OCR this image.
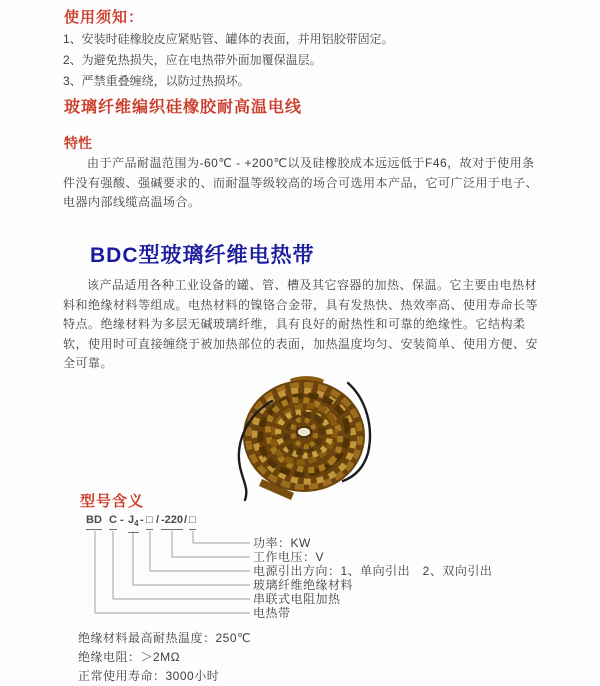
使用须知：
1、安装时硅橡胶皮应紧贴管、罐体的表面，并用铝胶带固定。
2、为避免热损失，应在电热带外面加覆保温层。
3、严禁重叠缠绕，以防过热损坏。
玻璃纤维编织硅橡胶耐高温电线
特性
由于产品耐温范围为-60℃ - +200℃以及硅橡胶成本远远低于F46，故对于使用条件没有强酸、强碱要求的、而耐温等级较高的场合可选用本产品，它可广泛用于电子、电器内部线缆高温场合。
BDC型玻璃纤维电热带
该产品适用各种工业设备的罐、管、槽及其它容器的加热、保温。它主要由电热材料和绝缘材料等组成。电热材料的镍铬合金带，具有发热快、热效率高、使用寿命长等特点。绝缘材料为多层无碱玻璃纤维，具有良好的耐热性和可靠的绝缘性。它结构柔软，使用时可直接缠绕于被加热部位的表面，加热温度均匀、安装简单、使用方便、安全可靠。
型号含义
BD C - $J_4$ - □ / -220 / □
功率：KW
工作电压：V
电源引出方向：1、单向引出　2、双向引出
玻璃纤维绝缘材料
串联式电阻加热
电热带
绝缘材料最高耐热温度：250℃
绝缘电阻：＞2MΩ
正常使用寿命：3000小时
